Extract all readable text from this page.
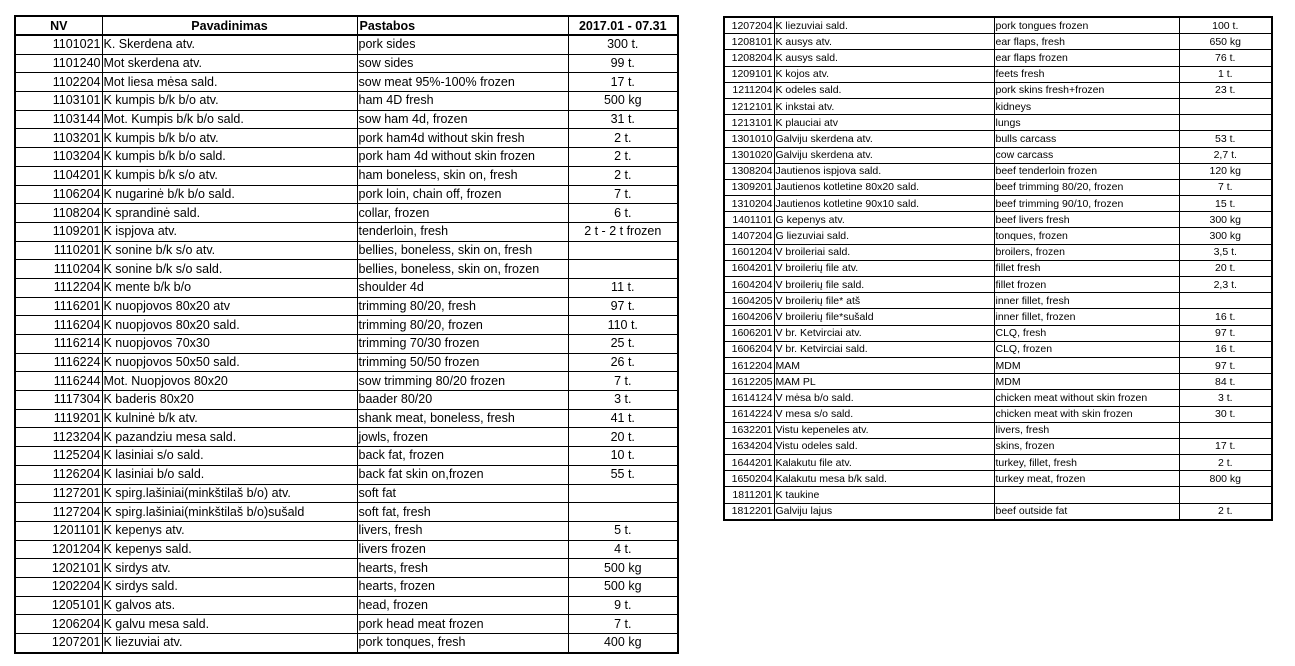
NV	Pavadinimas	Pastabos	2017.01 - 07.31
1101021	K. Skerdena atv.	pork sides	300 t.
1101240	Mot skerdena atv.	sow sides	99 t.
1102204	Mot liesa mėsa sald.	sow meat 95%-100% frozen	17 t.
1103101	K kumpis b/k b/o atv.	ham 4D fresh	500 kg
1103144	Mot. Kumpis b/k b/o sald.	sow ham 4d, frozen	31 t.
1103201	K kumpis b/k b/o atv.	pork ham4d without skin fresh	2 t.
1103204	K kumpis b/k b/o sald.	pork ham 4d without skin frozen	2 t.
1104201	K kumpis b/k s/o atv.	ham boneless, skin on, fresh	2 t.
1106204	K nugarinė b/k b/o sald.	pork loin, chain off, frozen	7 t.
1108204	K sprandinė sald.	collar, frozen	6 t.
1109201	K ispjova atv.	tenderloin, fresh	2 t - 2 t frozen
1110201	K sonine b/k s/o atv.	bellies, boneless, skin on, fresh	
1110204	K sonine b/k s/o sald.	bellies, boneless, skin on, frozen	
1112204	K mente b/k b/o	shoulder 4d	11 t.
1116201	K nuopjovos 80x20 atv	trimming 80/20, fresh	97 t.
1116204	K nuopjovos 80x20 sald.	trimming 80/20, frozen	110 t.
1116214	K nuopjovos 70x30	trimming 70/30 frozen	25 t.
1116224	K nuopjovos 50x50 sald.	trimming 50/50 frozen	26 t.
1116244	Mot. Nuopjovos 80x20	sow trimming 80/20 frozen	7 t.
1117304	K baderis 80x20	baader 80/20	3 t.
1119201	K kulninė b/k atv.	shank meat, boneless, fresh	41 t.
1123204	K pazandziu mesa sald.	jowls, frozen	20 t.
1125204	K lasiniai s/o sald.	back fat, frozen	10 t.
1126204	K lasiniai b/o sald.	back fat skin on,frozen	55 t.
1127201	K spirg.lašiniai(minkštilaš b/o) atv.	soft fat	
1127204	K spirg.lašiniai(minkštilaš b/o)sušald	soft fat, fresh	
1201101	K kepenys atv.	livers, fresh	5 t.
1201204	K kepenys sald.	livers frozen	4 t.
1202101	K sirdys atv.	hearts, fresh	500 kg
1202204	K sirdys sald.	hearts, frozen	500 kg
1205101	K galvos ats.	head, frozen	9 t.
1206204	K galvu mesa sald.	pork head meat frozen	7 t.
1207201	K liezuviai atv.	pork tonques, fresh	400 kg
1207204	K liezuviai sald.	pork tongues frozen	100 t.
1208101	K ausys atv.	ear flaps, fresh	650 kg
1208204	K ausys sald.	ear flaps frozen	76 t.
1209101	K kojos atv.	feets fresh	1 t.
1211204	K odeles sald.	pork skins fresh+frozen	23 t.
1212101	K inkstai atv.	kidneys	
1213101	K plauciai atv	lungs	
1301010	Galviju skerdena atv.	bulls carcass	53 t.
1301020	Galviju skerdena atv.	cow carcass	2,7 t.
1308204	Jautienos ispjova sald.	beef tenderloin frozen	120 kg
1309201	Jautienos kotletine 80x20 sald.	beef trimming 80/20, frozen	7 t.
1310204	Jautienos kotletine 90x10 sald.	beef trimming 90/10, frozen	15 t.
1401101	G kepenys atv.	beef livers fresh	300 kg
1407204	G liezuviai sald.	tonques, frozen	300 kg
1601204	V broileriai sald.	broilers, frozen	3,5 t.
1604201	V broilerių file atv.	fillet fresh	20 t.
1604204	V broilerių file sald.	fillet frozen	2,3 t.
1604205	V broilerių file* atš	inner fillet, fresh	
1604206	V broilerių file*sušald	inner fillet, frozen	16 t.
1606201	V br. Ketvirciai atv.	CLQ, fresh	97 t.
1606204	V br. Ketvirciai sald.	CLQ, frozen	16 t.
1612204	MAM	MDM	97 t.
1612205	MAM PL	MDM	84 t.
1614124	V mėsa b/o sald.	chicken meat without skin frozen	3 t.
1614224	V mesa s/o sald.	chicken meat with skin frozen	30 t.
1632201	Vistu kepeneles atv.	livers, fresh	
1634204	Vistu odeles sald.	skins, frozen	17 t.
1644201	Kalakutu file atv.	turkey, fillet, fresh	2 t.
1650204	Kalakutu mesa b/k sald.	turkey meat, frozen	800 kg
1811201	K taukine		
1812201	Galviju lajus	beef outside fat	2 t.
